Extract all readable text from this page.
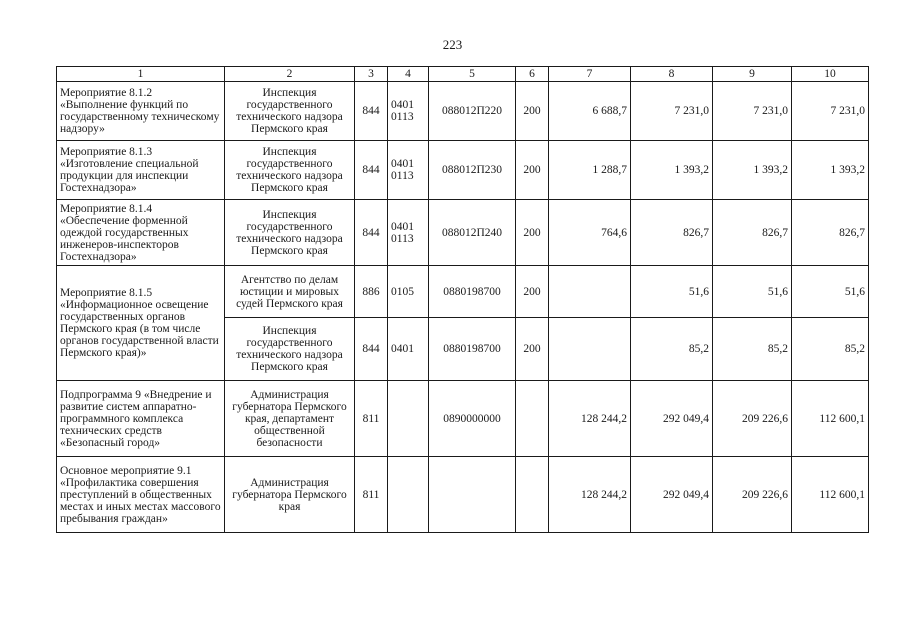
223
1	2	3	4	5	6	7	8	9	10
Мероприятие 8.1.2 «Выполнение функций по государственному техническому надзору»	Инспекция государственного технического надзора Пермского края	844	0401 0113	088012П220	200	6 688,7	7 231,0	7 231,0	7 231,0
Мероприятие 8.1.3 «Изготовление специальной продукции для инспекции Гостехнадзора»	Инспекция государственного технического надзора Пермского края	844	0401 0113	088012П230	200	1 288,7	1 393,2	1 393,2	1 393,2
Мероприятие 8.1.4 «Обеспечение форменной одеждой государственных инженеров-инспекторов Гостехнадзора»	Инспекция государственного технического надзора Пермского края	844	0401 0113	088012П240	200	764,6	826,7	826,7	826,7
Мероприятие 8.1.5 «Информационное освещение государственных органов Пермского края (в том числе органов государственной власти Пермского края)»	Агентство по делам юстиции и мировых судей Пермского края	886	0105	0880198700	200		51,6	51,6	51,6
	Инспекция государственного технического надзора Пермского края	844	0401	0880198700	200		85,2	85,2	85,2
Подпрограмма 9 «Внедрение и развитие систем аппаратно-программного комплекса технических средств «Безопасный город»	Администрация губернатора Пермского края, департамент общественной безопасности	811		0890000000		128 244,2	292 049,4	209 226,6	112 600,1
Основное мероприятие 9.1 «Профилактика совершения преступлений в общественных местах и иных местах массового пребывания граждан»	Администрация губернатора Пермского края	811				128 244,2	292 049,4	209 226,6	112 600,1
